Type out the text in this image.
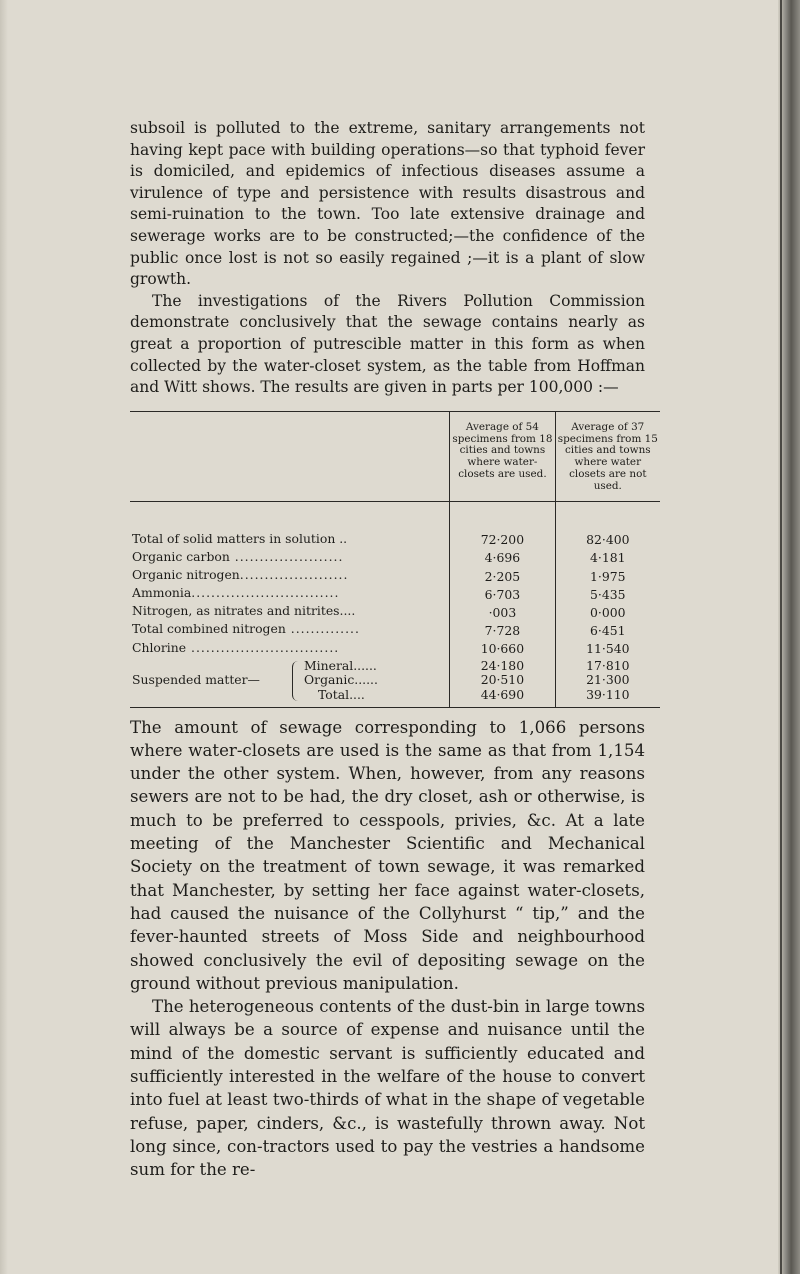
subsoil is polluted to the extreme, sanitary arrangements not having kept pace with building operations—so that typhoid fever is domiciled, and epidemics of infectious diseases assume a virulence of type and persistence with results disastrous and semi-ruination to the town. Too late extensive drainage and sewerage works are to be constructed;—the confidence of the public once lost is not so easily regained ;—it is a plant of slow growth.

The investigations of the Rivers Pollution Commission demonstrate conclusively that the sewage contains nearly as great a proportion of putrescible matter in this form as when collected by the water-closet system, as the table from Hoffman and Witt shows. The results are given in parts per 100,000 :—

	Average of 54 specimens from 18 cities and towns where water-closets are used.	Average of 37 specimens from 15 cities and towns where water closets are not used.
Total of solid matters in solution ..	72·200	82·400
Organic carbon ......................	4·696	4·181
Organic nitrogen......................	2·205	1·975
Ammonia..............................	6·703	5·435
Nitrogen, as nitrates and nitrites....	·003	0·000
Total combined nitrogen ..............	7·728	6·451
Chlorine ..............................	10·660	11·540

Suspended matter—
Mineral......	24·180	17·810
Organic......	20·510	21·300
Total....	44·690	39·110

The amount of sewage corresponding to 1,066 persons where water-closets are used is the same as that from 1,154 under the other system. When, however, from any reasons sewers are not to be had, the dry closet, ash or otherwise, is much to be preferred to cesspools, privies, &c. At a late meeting of the Manchester Scientific and Mechanical Society on the treatment of town sewage, it was remarked that Manchester, by setting her face against water-closets, had caused the nuisance of the Collyhurst “ tip,” and the fever-haunted streets of Moss Side and neighbourhood showed conclusively the evil of depositing sewage on the ground without previous manipulation.

The heterogeneous contents of the dust-bin in large towns will always be a source of expense and nuisance until the mind of the domestic servant is sufficiently educated and sufficiently interested in the welfare of the house to convert into fuel at least two-thirds of what in the shape of vegetable refuse, paper, cinders, &c., is wastefully thrown away. Not long since, con-tractors used to pay the vestries a handsome sum for the re-
